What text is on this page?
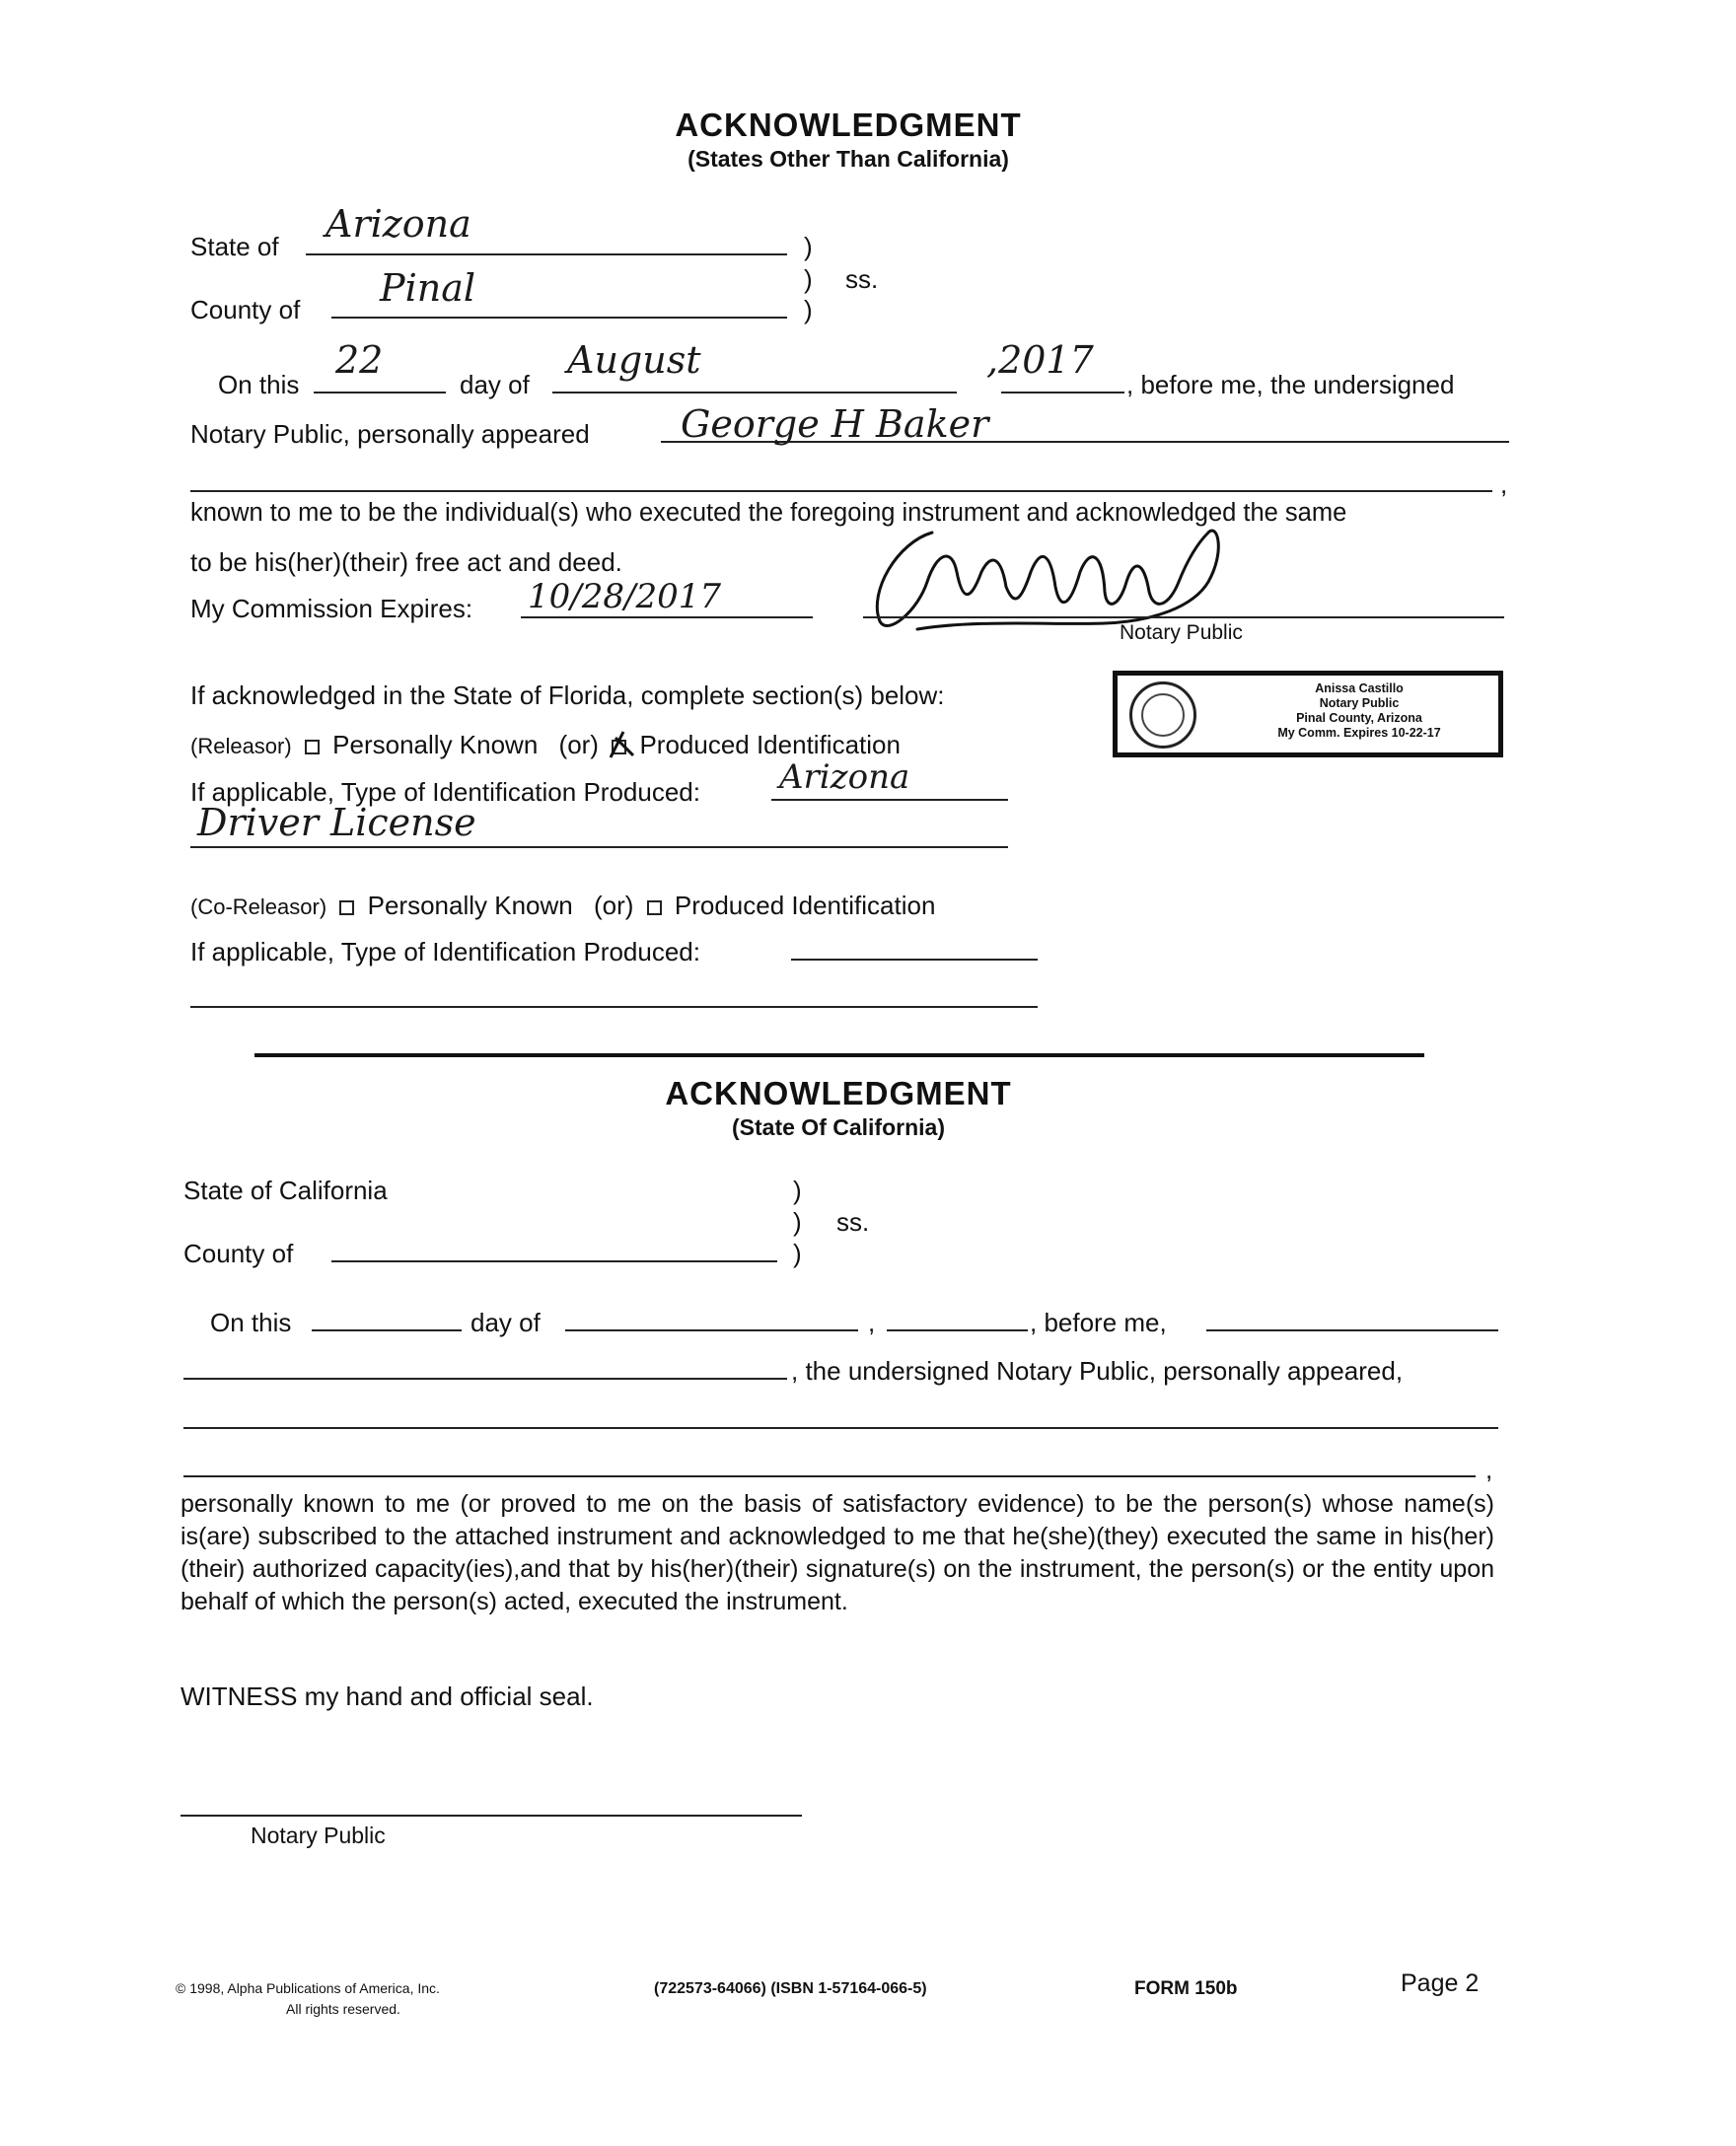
ACKNOWLEDGMENT
(States Other Than California)
State of
Arizona
)
) ss.
County of Pinal	)
On this
22
day of
August	,2017
, before me, the undersigned
Notary Public, personally appeared George H Baker
,
known to me to be the individual(s) who executed the foregoing instrument and acknowledged the same
to be his(her)(their) free act and deed.
My Commission Expires: 10/28/2017
Notary Public
Anissa Castillo
Notary Public
Pinal County, Arizona
My Comm. Expires 10-22-17
If acknowledged in the State of Florida, complete section(s) below:
(Releasor) Personally Known (or) Produced Identification
If applicable, Type of Identification Produced: Arizona
Driver License
(Co-Releasor) Personally Known (or) Produced Identification
If applicable, Type of Identification Produced:
ACKNOWLEDGMENT
(State Of California)
State of California	)
) ss.
County of	)
On this	day of	,	, before me,
, the undersigned Notary Public, personally appeared,
,
personally known to me (or proved to me on the basis of satisfactory evidence) to be the person(s) whose name(s) is(are) subscribed to the attached instrument and acknowledged to me that he(she)(they) executed the same in his(her)(their) authorized capacity(ies),and that by his(her)(their) signature(s) on the instrument, the person(s) or the entity upon behalf of which the person(s) acted, executed the instrument.
WITNESS my hand and official seal.
Notary Public
© 1998, Alpha Publications of America, Inc.
All rights reserved.
(722573-64066) (ISBN 1-57164-066-5)	FORM 150b	Page 2
